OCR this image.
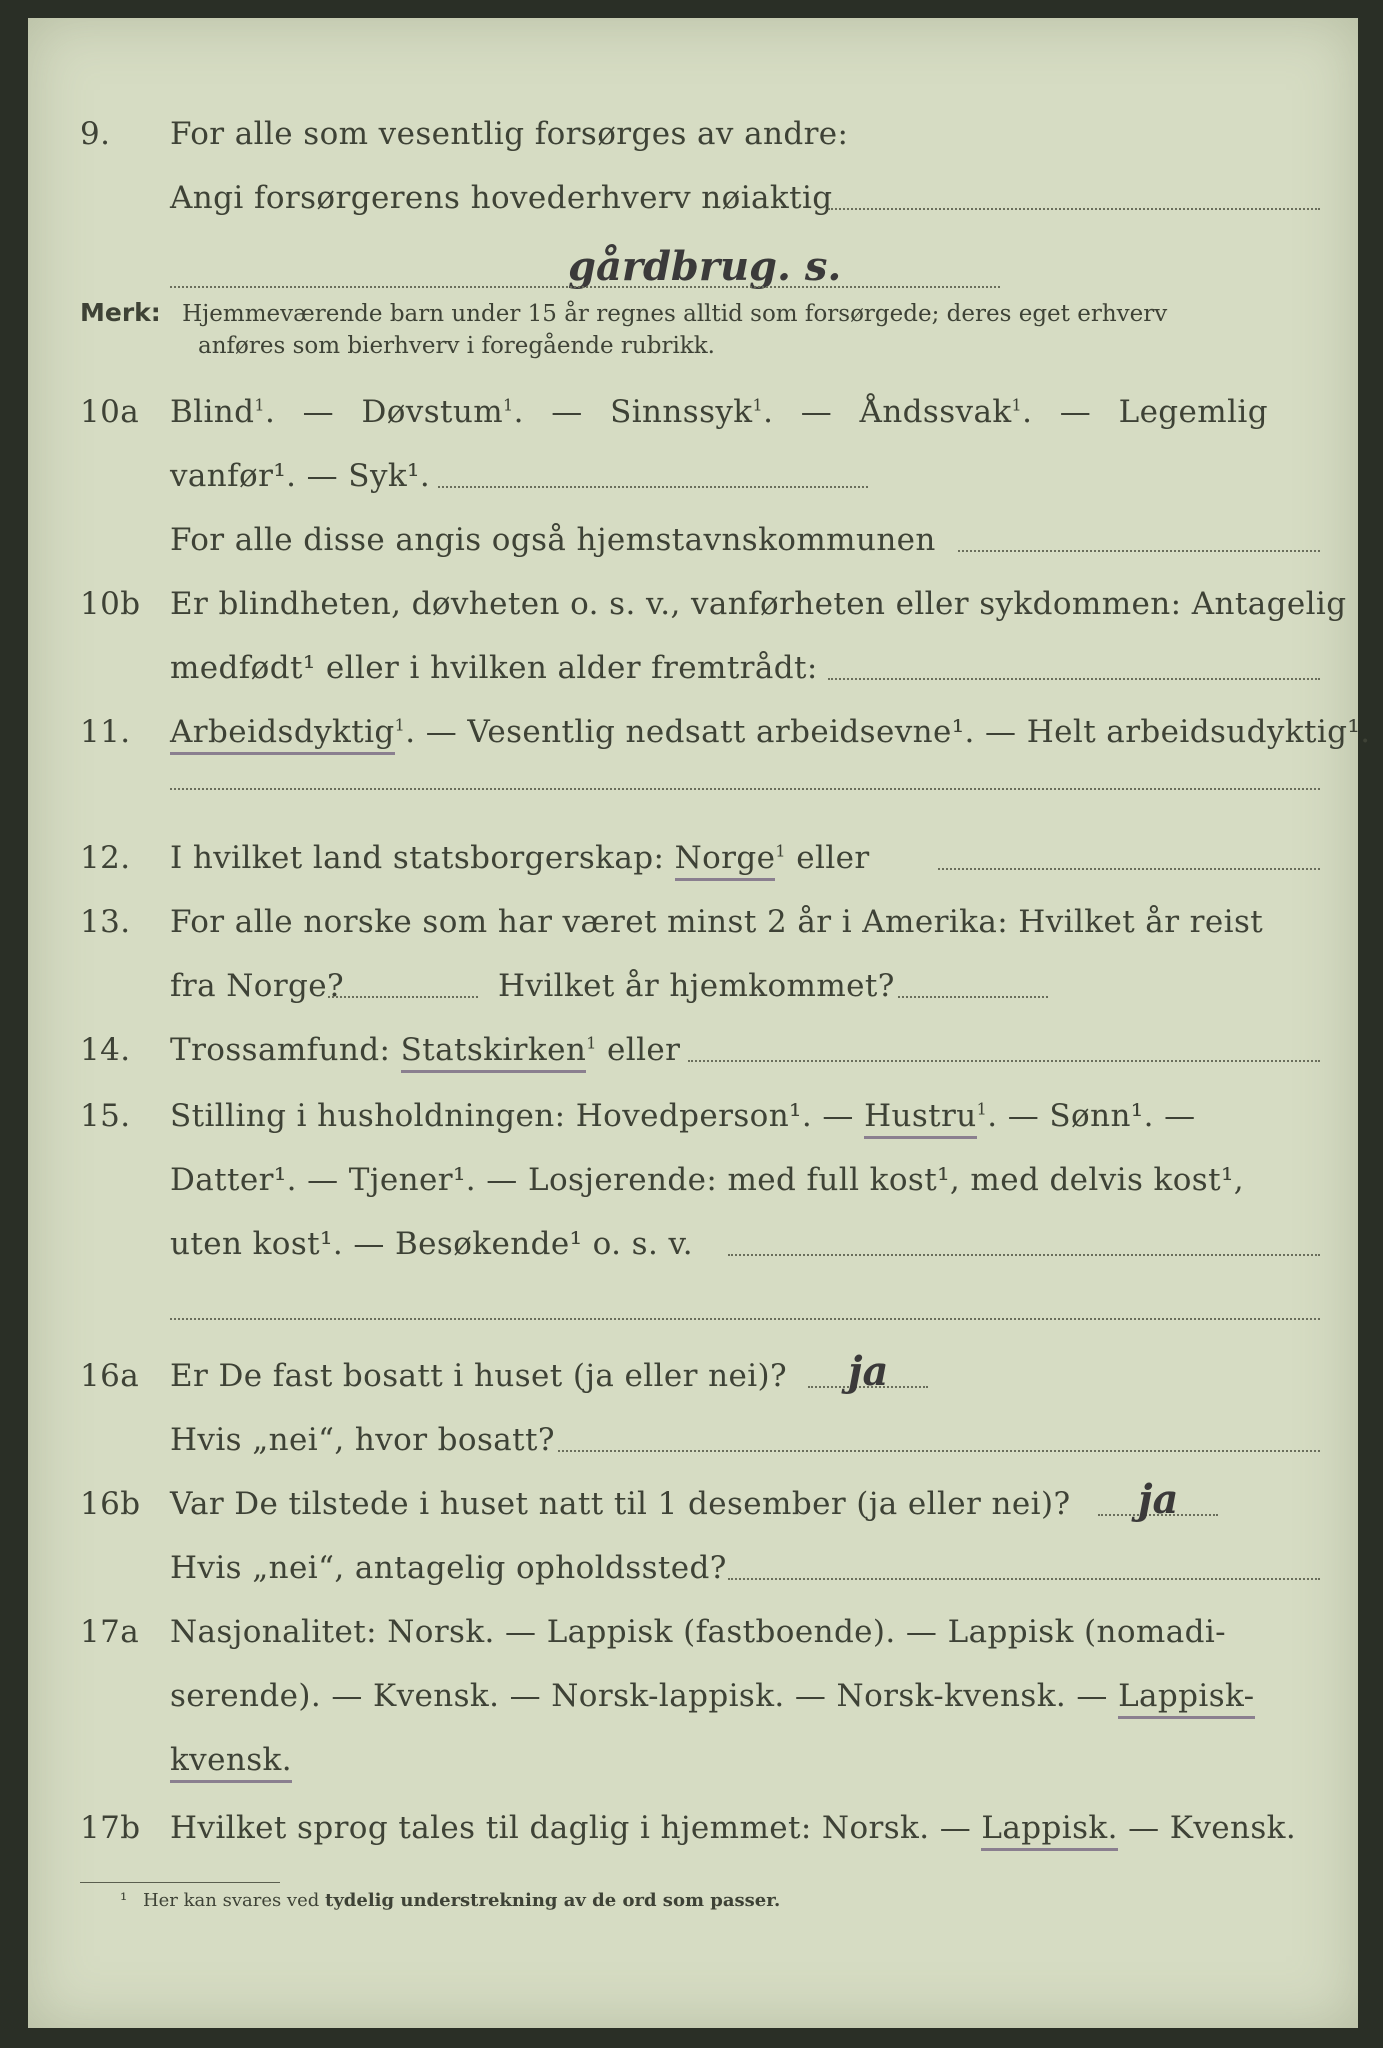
9. For alle som vesentlig forsørges av andre:
Angi forsørgerens hovederhverv nøiaktig
gårdbrug. s.
Merk: Hjemmeværende barn under 15 år regnes alltid som forsørgede; deres eget erhverv
anføres som bierhverv i foregående rubrikk.
10a Blind$^1$. — Døvstum$^1$. — Sinnssyk$^1$. — Åndssvak$^1$. — Legemlig
vanfør¹. — Syk¹.
For alle disse angis også hjemstavnskommunen
10b Er blindheten, døvheten o. s. v., vanførheten eller sykdommen: Antagelig
medfødt¹ eller i hvilken alder fremtrådt:
11. Arbeidsdyktig$^1$. — Vesentlig nedsatt arbeidsevne¹. — Helt arbeidsudyktig¹.
12. I hvilket land statsborgerskap: Norge$^1$ eller
13. For alle norske som har været minst 2 år i Amerika: Hvilket år reist
fra Norge?	Hvilket år hjemkommet?
14. Trossamfund: Statskirken$^1$ eller
15. Stilling i husholdningen: Hovedperson¹. — Hustru$^1$. — Sønn¹. —
Datter¹. — Tjener¹. — Losjerende: med full kost¹, med delvis kost¹,
uten kost¹. — Besøkende¹ o. s. v.
16a Er De fast bosatt i huset (ja eller nei)? ja
Hvis „nei“, hvor bosatt?
16b Var De tilstede i huset natt til 1 desember (ja eller nei)? ja
Hvis „nei“, antagelig opholdssted?
17a Nasjonalitet: Norsk. — Lappisk (fastboende). — Lappisk (nomadi-
serende). — Kvensk. — Norsk-lappisk. — Norsk-kvensk. — Lappisk-
kvensk.
17b Hvilket sprog tales til daglig i hjemmet: Norsk. — Lappisk. — Kvensk.
¹ Her kan svares ved tydelig understrekning av de ord som passer.
